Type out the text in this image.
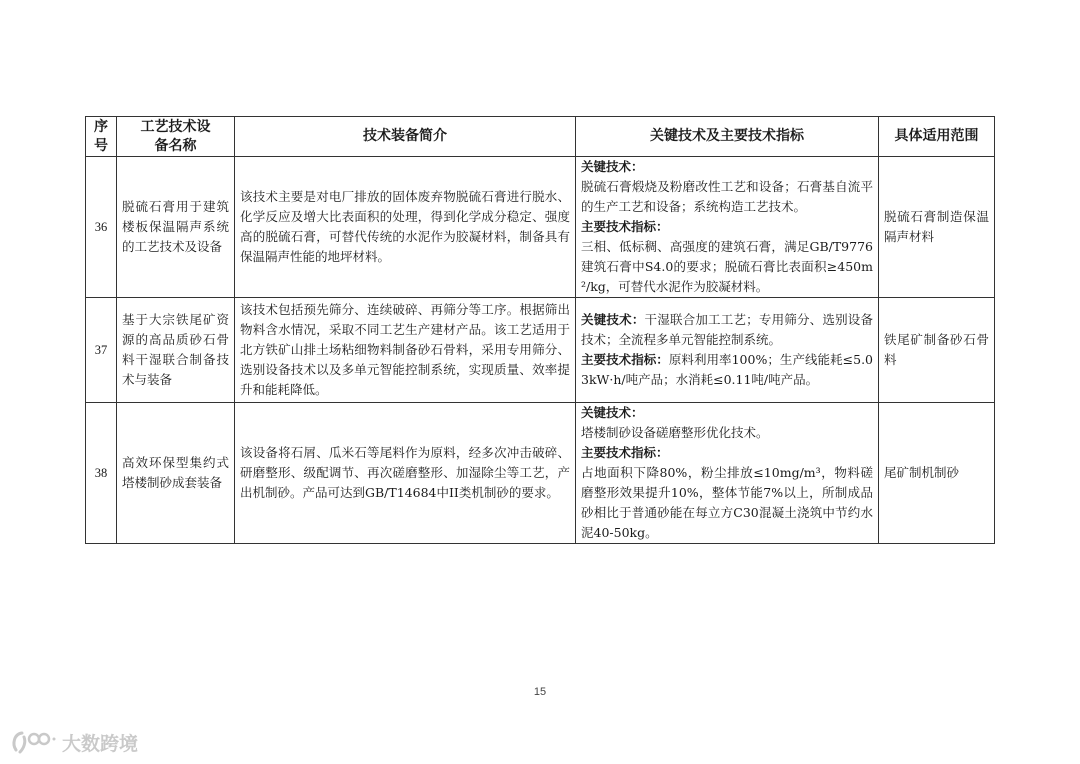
序号	工艺技术设备名称	技术装备简介	关键技术及主要技术指标	具体适用范围
36	脱硫石膏用于建筑楼板保温隔声系统的工艺技术及设备	该技术主要是对电厂排放的固体废弃物脱硫石膏进行脱水、化学反应及增大比表面积的处理，得到化学成分稳定、强度高的脱硫石膏，可替代传统的水泥作为胶凝材料，制备具有保温隔声性能的地坪材料。	关键技术：
脱硫石膏煅烧及粉磨改性工艺和设备；石膏基自流平的生产工艺和设备；系统构造工艺技术。
主要技术指标：
三相、低标稠、高强度的建筑石膏，满足GB/T9776建筑石膏中S4.0的要求；脱硫石膏比表面积≥450m²/kg，可替代水泥作为胶凝材料。	脱硫石膏制造保温隔声材料
37	基于大宗铁尾矿资源的高品质砂石骨料干湿联合制备技术与装备	该技术包括预先筛分、连续破碎、再筛分等工序。根据筛出物料含水情况，采取不同工艺生产建材产品。该工艺适用于北方铁矿山排土场粘细物料制备砂石骨料，采用专用筛分、选别设备技术以及多单元智能控制系统，实现质量、效率提升和能耗降低。	关键技术：干湿联合加工工艺；专用筛分、选别设备技术；全流程多单元智能控制系统。
主要技术指标：原料利用率100%；生产线能耗≤5.03kW·h/吨产品；水消耗≤0.11吨/吨产品。	铁尾矿制备砂石骨料
38	高效环保型集约式塔楼制砂成套装备	该设备将石屑、瓜米石等尾料作为原料，经多次冲击破碎、研磨整形、级配调节、再次磋磨整形、加湿除尘等工艺，产出机制砂。产品可达到GB/T14684中II类机制砂的要求。	关键技术：
塔楼制砂设备磋磨整形优化技术。
主要技术指标：
占地面积下降80%，粉尘排放≤10mg/m³，物料磋磨整形效果提升10%，整体节能7%以上，所制成品砂相比于普通砂能在每立方C30混凝土浇筑中节约水泥40-50kg。	尾矿制机制砂
15
大数跨境
